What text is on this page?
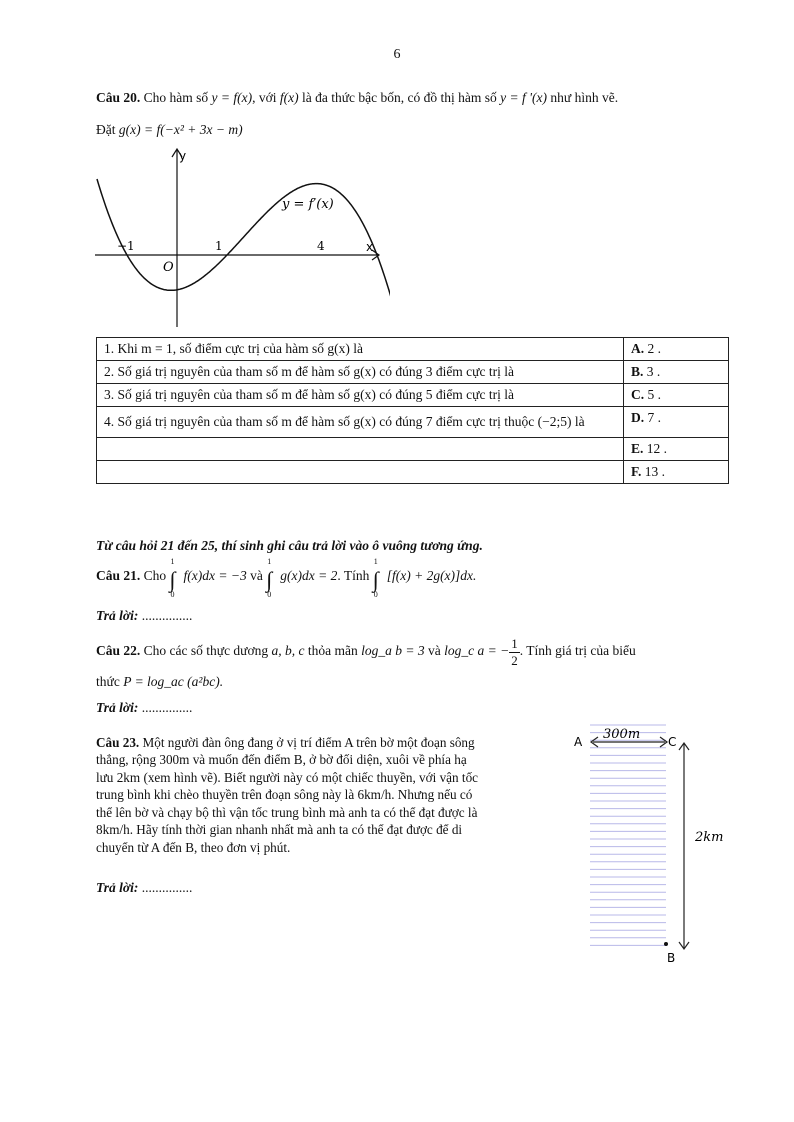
6
Câu 20. Cho hàm số y = f(x), với f(x) là đa thức bậc bốn, có đồ thị hàm số y = f '(x) như hình vẽ.
Đặt g(x) = f(−x² + 3x − m)
y
x
O
−1	1	4
y = f′(x)
1. Khi m = 1, số điểm cực trị của hàm số g(x) là	A. 2 .
2. Số giá trị nguyên của tham số m để hàm số g(x) có đúng 3 điểm cực trị là	B. 3 .
3. Số giá trị nguyên của tham số m để hàm số g(x) có đúng 5 điểm cực trị là	C. 5 .
4. Số giá trị nguyên của tham số m để hàm số g(x) có đúng 7 điểm cực trị thuộc (−2;5) là	D. 7 .
	E. 12 .
	F. 13 .
Từ câu hỏi 21 đến 25, thí sinh ghi câu trả lời vào ô vuông tương ứng.
Câu 21. Cho ∫
1
0
f(x)dx = −3 và ∫
1
0
g(x)dx = 2. Tính ∫
1
0
[f(x) + 2g(x)]dx.
Trả lời: ...............
Câu 22. Cho các số thực dương a, b, c thỏa mãn log_a b = 3 và log_c a = − $\frac{1}{2}$ . Tính giá trị của biểu
thức P = log_ac (a²bc).
Trả lời: ...............
Câu 23. Một người đàn ông đang ở vị trí điểm A trên bờ một đoạn sông
thẳng, rộng 300m và muốn đến điểm B, ở bờ đối diện, xuôi về phía hạ
lưu 2km (xem hình vẽ). Biết người này có một chiếc thuyền, với vận tốc
trung bình khi chèo thuyền trên đoạn sông này là 6km/h. Nhưng nếu có
thể lên bờ và chạy bộ thì vận tốc trung bình mà anh ta có thể đạt được là
8km/h. Hãy tính thời gian nhanh nhất mà anh ta có thể đạt được để di
chuyển từ A đến B, theo đơn vị phút.
Trả lời: ...............
A	C
B
300m
2km
